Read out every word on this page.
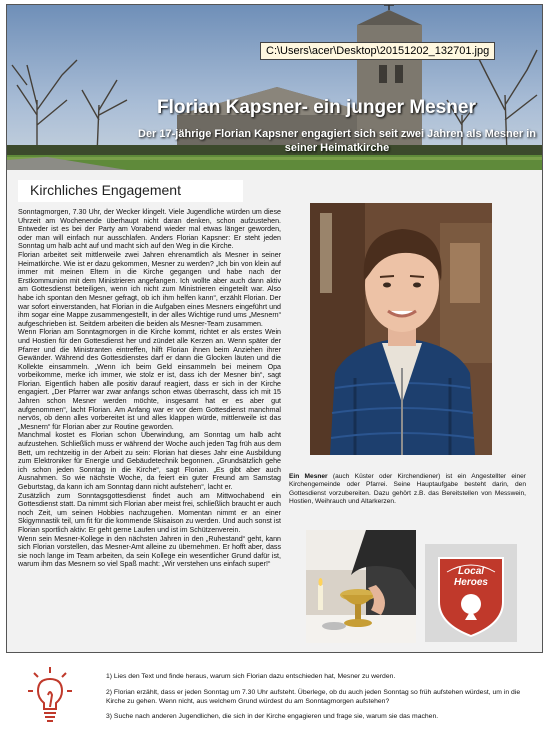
C:\Users\acer\Desktop\20151202_132701.jpg
Florian Kapsner- ein junger Mesner
Der 17-jährige Florian Kapsner engagiert sich seit zwei Jahren als Mesner in seiner Heimatkirche
Kirchliches Engagement

Sonntagmorgen, 7.30 Uhr, der Wecker klingelt. Viele Jugendliche würden um diese Uhrzeit am Wochenende überhaupt nicht daran denken, schon aufzustehen. Entweder ist es bei der Party am Vorabend wieder mal etwas länger geworden, oder man will einfach nur ausschlafen. Anders Florian Kapsner: Er steht jeden Sonntag um halb acht auf und macht sich auf den Weg in die Kirche.

Florian arbeitet seit mittlerweile zwei Jahren ehrenamtlich als Mesner in seiner Heimatkirche. Wie ist er dazu gekommen, Mesner zu werden? „Ich bin von klein auf immer mit meinen Eltern in die Kirche gegangen und habe nach der Erstkommunion mit dem Ministrieren angefangen. Ich wollte aber auch dann aktiv am Gottesdienst beteiligen, wenn ich nicht zum Ministrieren eingeteilt war. Also habe ich spontan den Mesner gefragt, ob ich ihm helfen kann“, erzählt Florian. Der war sofort einverstanden, hat Florian in die Aufgaben eines Mesners eingeführt und ihm sogar eine Mappe zusammengestellt, in der alles Wichtige rund ums „Mesnern“ aufgeschrieben ist. Seitdem arbeiten die beiden als Mesner-Team zusammen.

Wenn Florian am Sonntagmorgen in die Kirche kommt, richtet er als erstes Wein und Hostien für den Gottesdienst her und zündet alle Kerzen an. Wenn später der Pfarrer und die Ministranten eintreffen, hilft Florian ihnen beim Anziehen ihrer Gewänder. Während des Gottesdienstes darf er dann die Glocken läuten und die Kollekte einsammeln. „Wenn ich beim Geld einsammeln bei meinem Opa vorbeikomme, merke ich immer, wie stolz er ist, dass ich der Mesner bin“, sagt Florian. Eigentlich haben alle positiv darauf reagiert, dass er sich in der Kirche engagiert. „Der Pfarrer war zwar anfangs schon etwas überrascht, dass ich mit 15 Jahren schon Mesner werden möchte, insgesamt hat er es aber gut aufgenommen“, lacht Florian. Am Anfang war er vor dem Gottesdienst manchmal nervös, ob denn alles vorbereitet ist und alles klappen würde, mittlerweile ist das „Mesnern“ für Florian aber zur Routine geworden.

Manchmal kostet es Florian schon Überwindung, am Sonntag um halb acht aufzustehen. Schließlich muss er während der Woche auch jeden Tag früh aus dem Bett, um rechtzeitig in der Arbeit zu sein: Florian hat dieses Jahr eine Ausbildung zum Elektroniker für Energie und Gebäudetechnik begonnen. „Grundsätzlich gehe ich schon jeden Sonntag in die Kirche“, sagt Florian. „Es gibt aber auch Ausnahmen. So wie nächste Woche, da feiert ein guter Freund am Samstag Geburtstag, da kann ich am Sonntag dann nicht aufstehen“, lacht er.

Zusätzlich zum Sonntagsgottesdienst findet auch am Mittwochabend ein Gottesdienst statt. Da nimmt sich Florian aber meist frei, schließlich braucht er auch noch Zeit, um seinen Hobbies nachzugehen. Momentan nimmt er an einer Skigymnastik teil, um fit für die kommende Skisaison zu werden. Und auch sonst ist Florian sportlich aktiv: Er geht gerne Laufen und ist im Schützenverein.

Wenn sein Mesner-Kollege in den nächsten Jahren in den „Ruhestand“ geht, kann sich Florian vorstellen, das Mesner-Amt alleine zu übernehmen. Er hofft aber, dass sie noch lange im Team arbeiten, da sein Kollege ein wesentlicher Grund dafür ist, warum ihm das Mesnern so viel Spaß macht: „Wir verstehen uns einfach super!“

Ein Mesner (auch Küster oder Kirchendiener) ist ein Angestellter einer Kirchengemeinde oder Pfarrei. Seine Hauptaufgabe besteht darin, den Gottesdienst vorzubereiten. Dazu gehört z.B. das Bereitstellen von Messwein, Hostien, Weihrauch und Altarkerzen.
Local
Heroes
1) Lies den Text und finde heraus, warum sich Florian dazu entschieden hat, Mesner zu werden.
2) Florian erzählt, dass er jeden Sonntag um 7.30 Uhr aufsteht. Überlege, ob du auch jeden Sonntag so früh aufstehen würdest, um in die Kirche zu gehen. Wenn nicht, aus welchem Grund würdest du am Sonntagmorgen aufstehen?
3) Suche nach anderen Jugendlichen, die sich in der Kirche engagieren und frage sie, warum sie das machen.
